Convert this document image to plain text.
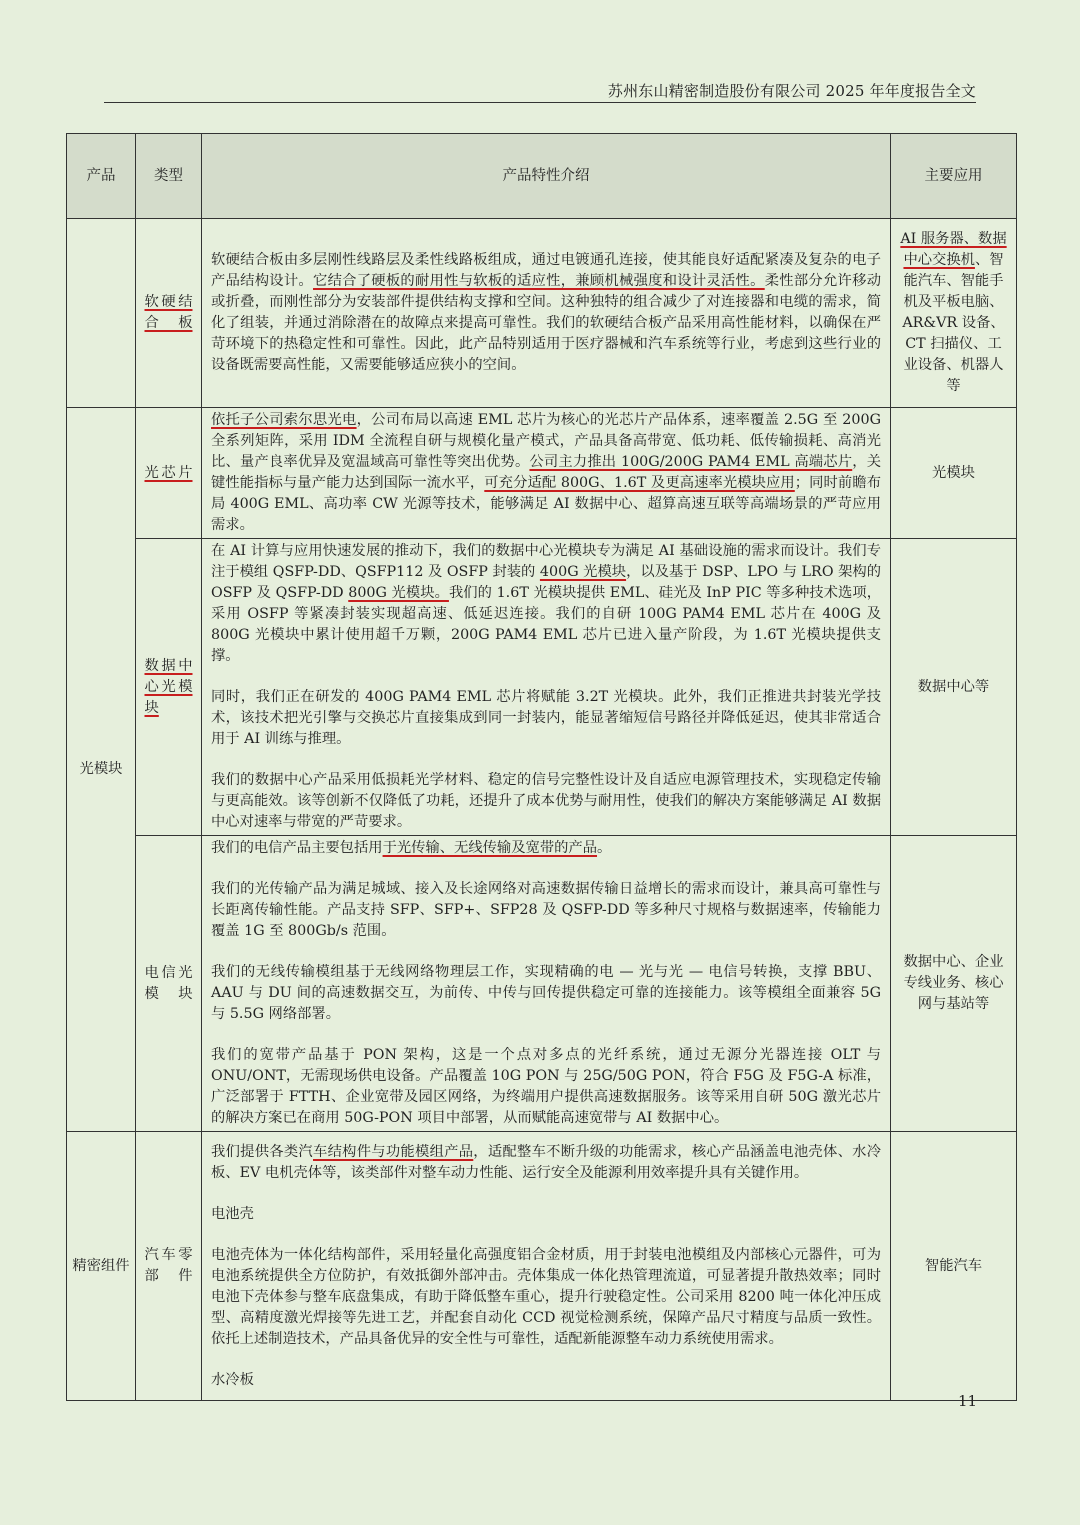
苏州东山精密制造股份有限公司 2025 年年度报告全文
产品	类型	产品特性介绍	主要应用
	软硬结合板	软硬结合板由多层刚性线路层及柔性线路板组成，通过电镀通孔连接，使其能良好适配紧凑及复杂的电子产品结构设计。它结合了硬板的耐用性与软板的适应性，兼顾机械强度和设计灵活性。柔性部分允许移动或折叠，而刚性部分为安装部件提供结构支撑和空间。这种独特的组合减少了对连接器和电缆的需求，简化了组装，并通过消除潜在的故障点来提高可靠性。我们的软硬结合板产品采用高性能材料，以确保在严苛环境下的热稳定性和可靠性。因此，此产品特别适用于医疗器械和汽车系统等行业，考虑到这些行业的设备既需要高性能，又需要能够适应狭小的空间。	AI 服务器、数据中心交换机、智能汽车、智能手机及平板电脑、AR&VR 设备、CT 扫描仪、工业设备、机器人等
光模块	光芯片	依托子公司索尔思光电，公司布局以高速 EML 芯片为核心的光芯片产品体系，速率覆盖 2.5G 至 200G 全系列矩阵，采用 IDM 全流程自研与规模化量产模式，产品具备高带宽、低功耗、低传输损耗、高消光比、量产良率优异及宽温域高可靠性等突出优势。公司主力推出 100G/200G PAM4 EML 高端芯片，关键性能指标与量产能力达到国际一流水平，可充分适配 800G、1.6T 及更高速率光模块应用；同时前瞻布局 400G EML、高功率 CW 光源等技术，能够满足 AI 数据中心、超算高速互联等高端场景的严苛应用需求。	光模块
	数据中心光模块	在 AI 计算与应用快速发展的推动下，我们的数据中心光模块专为满足 AI 基础设施的需求而设计。我们专注于模组 QSFP-DD、QSFP112 及 OSFP 封装的 400G 光模块，以及基于 DSP、LPO 与 LRO 架构的 OSFP 及 QSFP-DD 800G 光模块。我们的 1.6T 光模块提供 EML、硅光及 InP PIC 等多种技术选项，采用 OSFP 等紧凑封装实现超高速、低延迟连接。我们的自研 100G PAM4 EML 芯片在 400G 及 800G 光模块中累计使用超千万颗，200G PAM4 EML 芯片已进入量产阶段，为 1.6T 光模块提供支撑。

同时，我们正在研发的 400G PAM4 EML 芯片将赋能 3.2T 光模块。此外，我们正推进共封装光学技术，该技术把光引擎与交换芯片直接集成到同一封装内，能显著缩短信号路径并降低延迟，使其非常适合用于 AI 训练与推理。

我们的数据中心产品采用低损耗光学材料、稳定的信号完整性设计及自适应电源管理技术，实现稳定传输与更高能效。该等创新不仅降低了功耗，还提升了成本优势与耐用性，使我们的解决方案能够满足 AI 数据中心对速率与带宽的严苛要求。	数据中心等
	电信光模块	我们的电信产品主要包括用于光传输、无线传输及宽带的产品。

我们的光传输产品为满足城域、接入及长途网络对高速数据传输日益增长的需求而设计，兼具高可靠性与长距离传输性能。产品支持 SFP、SFP+、SFP28 及 QSFP-DD 等多种尺寸规格与数据速率，传输能力覆盖 1G 至 800Gb/s 范围。

我们的无线传输模组基于无线网络物理层工作，实现精确的电 — 光与光 — 电信号转换，支撑 BBU、AAU 与 DU 间的高速数据交互，为前传、中传与回传提供稳定可靠的连接能力。该等模组全面兼容 5G 与 5.5G 网络部署。

我们的宽带产品基于 PON 架构，这是一个点对多点的光纤系统，通过无源分光器连接 OLT 与 ONU/ONT，无需现场供电设备。产品覆盖 10G PON 与 25G/50G PON，符合 F5G 及 F5G-A 标准，广泛部署于 FTTH、企业宽带及园区网络，为终端用户提供高速数据服务。该等采用自研 50G 激光芯片的解决方案已在商用 50G-PON 项目中部署，从而赋能高速宽带与 AI 数据中心。	数据中心、企业专线业务、核心网与基站等
精密组件	汽车零部件	我们提供各类汽车结构件与功能模组产品，适配整车不断升级的功能需求，核心产品涵盖电池壳体、水冷板、EV 电机壳体等，该类部件对整车动力性能、运行安全及能源利用效率提升具有关键作用。

电池壳

电池壳体为一体化结构部件，采用轻量化高强度铝合金材质，用于封装电池模组及内部核心元器件，可为电池系统提供全方位防护，有效抵御外部冲击。壳体集成一体化热管理流道，可显著提升散热效率；同时电池下壳体参与整车底盘集成，有助于降低整车重心，提升行驶稳定性。公司采用 8200 吨一体化冲压成型、高精度激光焊接等先进工艺，并配套自动化 CCD 视觉检测系统，保障产品尺寸精度与品质一致性。依托上述制造技术，产品具备优异的安全性与可靠性，适配新能源整车动力系统使用需求。

水冷板	智能汽车
11
